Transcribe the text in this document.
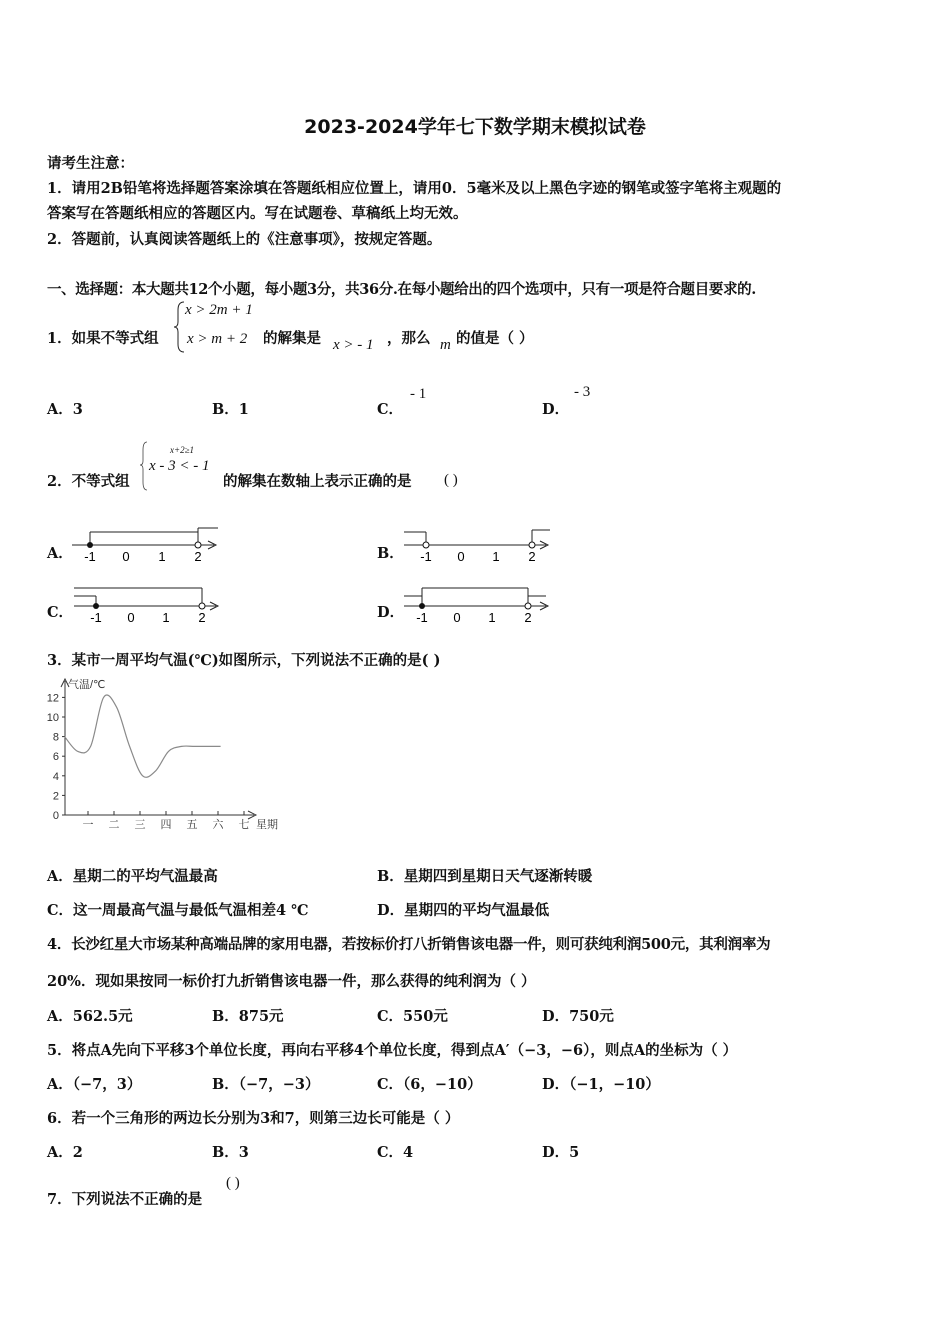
2023-2024学年七下数学期末模拟试卷
请考生注意：
1．请用2B铅笔将选择题答案涂填在答题纸相应位置上，请用0．5毫米及以上黑色字迹的钢笔或签字笔将主观题的
答案写在答题纸相应的答题区内。写在试题卷、草稿纸上均无效。
2．答题前，认真阅读答题纸上的《注意事项》，按规定答题。
一、选择题：本大题共12个小题，每小题3分，共36分.在每小题给出的四个选项中，只有一项是符合题目要求的.
1．如果不等式组
x > 2m + 1
x > m + 2 的解集是 x > - 1 ，那么 m 的值是（ ）
A．3	B．1	C．
- 1
D．
- 3
2．不等式组
x+2≥1
x - 3 < - 1
的解集在数轴上表示正确的是 ( )
A．	B．
C．	D．
-1 0 1 2	-1 0 1 2
-1 0 1 2	-1 0 1 2
3．某市一周平均气温(℃)如图所示，下列说法不正确的是( )
气温/℃
星期
0
2
4
6
8
10
12
一 二 三 四 五 六 七
A．星期二的平均气温最高	B．星期四到星期日天气逐渐转暖
C．这一周最高气温与最低气温相差4 ℃	D．星期四的平均气温最低
4．长沙红星大市场某种高端品牌的家用电器，若按标价打八折销售该电器一件，则可获纯利润500元，其利润率为
20%．现如果按同一标价打九折销售该电器一件，那么获得的纯利润为（ ）
A．562.5元	B．875元	C．550元	D．750元
5．将点A先向下平移3个单位长度，再向右平移4个单位长度，得到点A′（−3，−6），则点A的坐标为（ ）
A．（−7，3）	B．（−7，−3）	C．（6，−10）	D．（−1，−10）
6．若一个三角形的两边长分别为3和7，则第三边长可能是（ ）
A．2	B．3	C．4	D．5
7．下列说法不正确的是
( )
